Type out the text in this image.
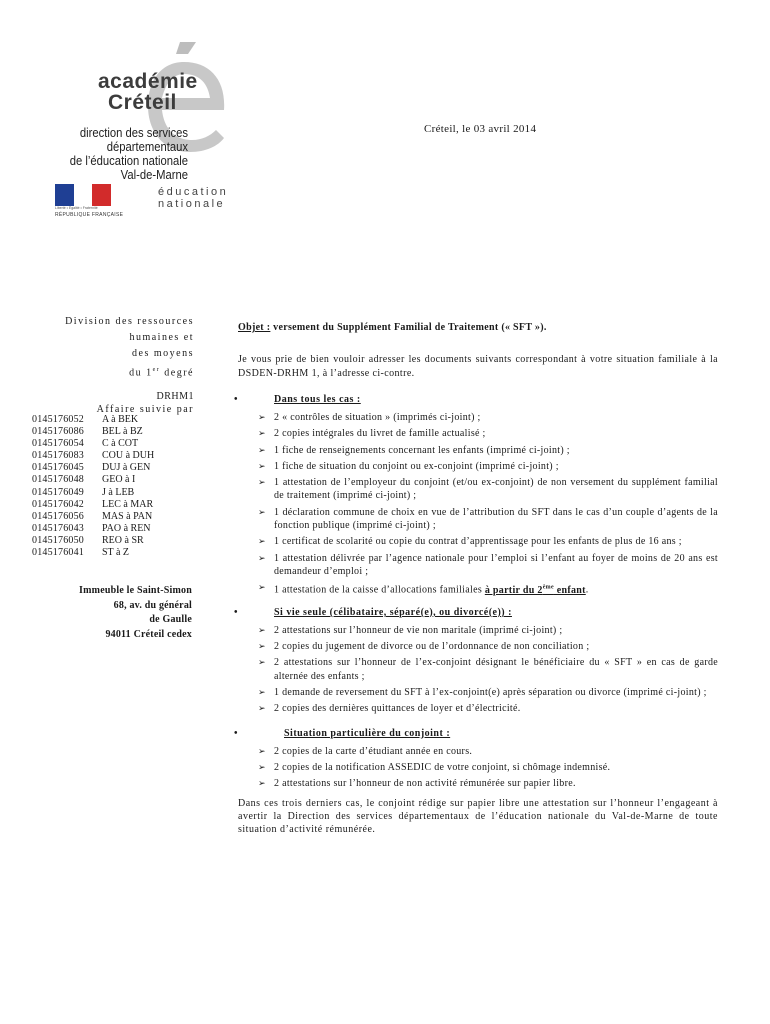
académie
Créteil
direction des services
départementaux
de l’éducation nationale
Val-de-Marne
éducation
nationale
Liberté • Égalité • Fraternité
RÉPUBLIQUE FRANÇAISE
Créteil, le 03 avril 2014
Division des ressources
humaines et
des moyens
du 1er degré
DRHM1
Affaire suivie par
0145176052	A à BEK
0145176086	BEL à BZ
0145176054	C à COT
0145176083	COU à DUH
0145176045	DUJ à GEN
0145176048	GEO à I
0145176049	J à LEB
0145176042	LEC à MAR
0145176056	MAS à PAN
0145176043	PAO à REN
0145176050	REO à SR
0145176041	ST à Z
Immeuble le Saint-Simon
68, av. du général
de Gaulle
94011 Créteil cedex
Objet : versement du Supplément Familial de Traitement (« SFT »).
Je vous prie de bien vouloir adresser les documents suivants correspondant à votre situation familiale à la DSDEN-DRHM 1, à l’adresse ci-contre.
•	Dans tous les cas :
➢ 2 « contrôles de situation » (imprimés ci-joint) ;
➢ 2 copies intégrales du livret de famille actualisé ;
➢ 1 fiche de renseignements concernant les enfants (imprimé ci-joint) ;
➢ 1 fiche de situation du conjoint ou ex-conjoint (imprimé ci-joint) ;
➢ 1 attestation de l’employeur du conjoint (et/ou ex-conjoint) de non versement du supplément familial de traitement (imprimé ci-joint) ;
➢ 1 déclaration commune de choix en vue de l’attribution du SFT dans le cas d’un couple d’agents de la fonction publique (imprimé ci-joint) ;
➢ 1 certificat de scolarité ou copie du contrat d’apprentissage pour les enfants de plus de 16 ans ;
➢ 1 attestation délivrée par l’agence nationale pour l’emploi si l’enfant au foyer de moins de 20 ans est demandeur d’emploi ;
➢ 1 attestation de la caisse d’allocations familiales à partir du 2ème enfant.
•	Si vie seule (célibataire, séparé(e), ou divorcé(e)) :
➢ 2 attestations sur l’honneur de vie non maritale (imprimé ci-joint) ;
➢ 2 copies du jugement de divorce ou de l’ordonnance de non conciliation ;
➢ 2 attestations sur l’honneur de l’ex-conjoint désignant le bénéficiaire du « SFT » en cas de garde alternée des enfants ;
➢ 1 demande de reversement du SFT à l’ex-conjoint(e) après séparation ou divorce (imprimé ci-joint) ;
➢ 2 copies des dernières quittances de loyer et d’électricité.
•	Situation particulière du conjoint :
➢ 2 copies de la carte d’étudiant année en cours.
➢ 2 copies de la notification ASSEDIC de votre conjoint, si chômage indemnisé.
➢ 2 attestations sur l’honneur de non activité rémunérée sur papier libre.
Dans ces trois derniers cas, le conjoint rédige sur papier libre une attestation sur l’honneur l’engageant à avertir la Direction des services départementaux de l’éducation nationale du Val-de-Marne de toute situation d’activité rémunérée.
